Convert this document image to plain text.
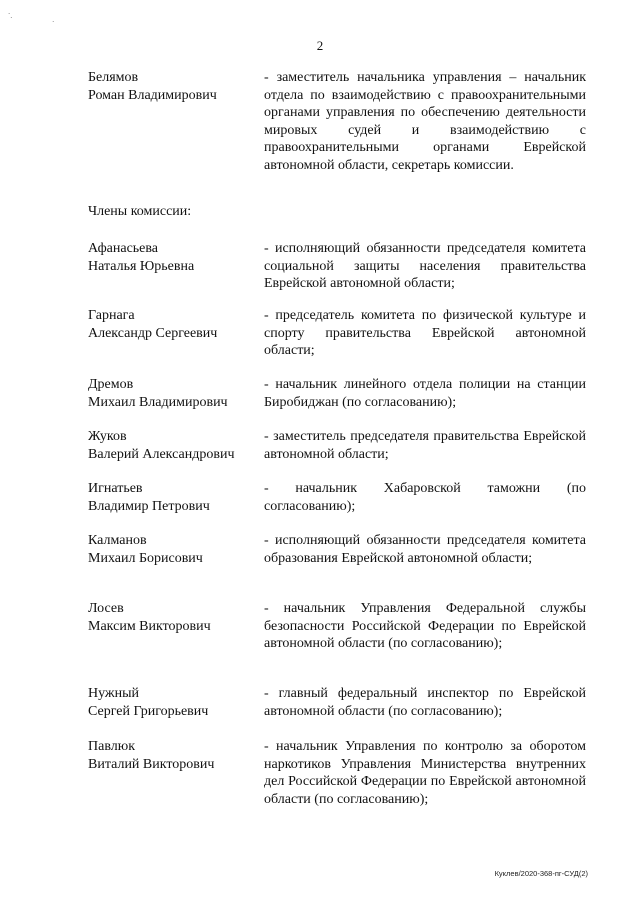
`.
·
2
Белямов
Роман Владимирович
- заместитель начальника управления – начальник отдела по взаимодействию с правоохранительными органами управления по обеспечению деятельности мировых судей и взаимодействию с правоохранительными органами Еврейской автономной области, секретарь комиссии.
Члены комиссии:
Афанасьева
Наталья Юрьевна
- исполняющий обязанности председателя комитета социальной защиты населения правительства Еврейской автономной области;
Гарнага
Александр Сергеевич
- председатель комитета по физической культуре и спорту правительства Еврейской автономной области;
Дремов
Михаил Владимирович
- начальник линейного отдела полиции на станции Биробиджан (по согласованию);
Жуков
Валерий Александрович
- заместитель председателя правительства Еврейской автономной области;
Игнатьев
Владимир Петрович
- начальник Хабаровской таможни (по согласованию);
Калманов
Михаил Борисович
- исполняющий обязанности председателя комитета образования Еврейской автономной области;
Лосев
Максим Викторович
- начальник Управления Федеральной службы безопасности Российской Федерации по Еврейской автономной области (по согласованию);
Нужный
Сергей Григорьевич
- главный федеральный инспектор по Еврейской автономной области (по согласованию);
Павлюк
Виталий Викторович
- начальник Управления по контролю за оборотом наркотиков Управления Министерства внутренних дел Российской Федерации по Еврейской автономной области (по согласованию);
Куклев/2020-368-пг-СУД(2)
